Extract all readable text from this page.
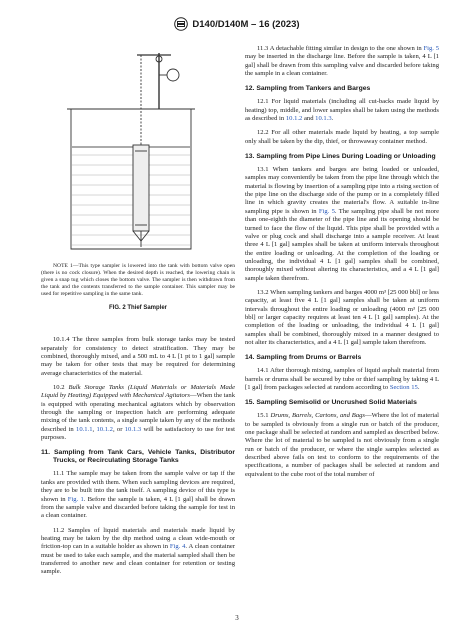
D140/D140M – 16 (2023)

NOTE 1—This type sampler is lowered into the tank with bottom valve open (there is no cock closure). When the desired depth is reached, the lowering chain is given a snap tug which closes the bottom valve. The sampler is then withdrawn from the tank and the contents transferred to the sample container. This sampler may be used for repetitive sampling in the same tank.

FIG. 2 Thief Sampler

10.1.4 The three samples from bulk storage tanks may be tested separately for consistency to detect stratification. They may be combined, thoroughly mixed, and a 500 mL to 4 L [1 pt to 1 gal] sample may be taken for other tests that may be required for determining average characteristics of the material.

10.2 Bulk Storage Tanks (Liquid Materials or Materials Made Liquid by Heating) Equipped with Mechanical Agitators—When the tank is equipped with operating mechanical agitators which by observation through the sampling or inspection hatch are performing adequate mixing of the tank contents, a single sample taken by any of the methods described in 10.1.1, 10.1.2, or 10.1.3 will be satisfactory to use for test purposes.

11. Sampling from Tank Cars, Vehicle Tanks, Distributor Trucks, or Recirculating Storage Tanks

11.1 The sample may be taken from the sample valve or tap if the tanks are provided with them. When such sampling devices are required, they are to be built into the tank itself. A sampling device of this type is shown in Fig. 1. Before the sample is taken, 4 L [1 gal] shall be drawn from the sample valve and discarded before taking the sample for test in a clean container.

11.2 Samples of liquid materials and materials made liquid by heating may be taken by the dip method using a clean wide-mouth or friction-top can in a suitable holder as shown in Fig. 4. A clean container must be used to take each sample, and the material sampled shall then be transferred to another new and clean container for retention or testing sample.

11.3 A detachable fitting similar in design to the one shown in Fig. 5 may be inserted in the discharge line. Before the sample is taken, 4 L [1 gal] shall be drawn from this sampling valve and discarded before taking the sample in a clean container.

12. Sampling from Tankers and Barges

12.1 For liquid materials (including all cut-backs made liquid by heating) top, middle, and lower samples shall be taken using the methods as described in 10.1.2 and 10.1.3.

12.2 For all other materials made liquid by heating, a top sample only shall be taken by the dip, thief, or throwaway container method.

13. Sampling from Pipe Lines During Loading or Unloading

13.1 When tankers and barges are being loaded or unloaded, samples may conveniently be taken from the pipe line through which the material is flowing by insertion of a sampling pipe into a rising section of the pipe line on the discharge side of the pump or in a completely filled line in which gravity creates the material's flow. A suitable in-line sampling pipe is shown in Fig. 5. The sampling pipe shall be not more than one-eighth the diameter of the pipe line and its opening should be turned to face the flow of the liquid. This pipe shall be provided with a valve or plug cock and shall discharge into a sample receiver. At least three 4 L [1 gal] samples shall be taken at uniform intervals throughout the entire loading or unloading. At the completion of the loading or unloading, the individual 4 L [1 gal] samples shall be combined, thoroughly mixed without altering its characteristics, and a 4 L [1 gal] sample taken therefrom.

13.2 When sampling tankers and barges 4000 m³ [25 000 bbl] or less capacity, at least five 4 L [1 gal] samples shall be taken at uniform intervals throughout the entire loading or unloading (4000 m³ [25 000 bbl] or larger capacity requires at least ten 4 L [1 gal] samples). At the completion of the loading or unloading, the individual 4 L [1 gal] samples shall be combined, thoroughly mixed in a manner designed to not alter its characteristics, and a 4 L [1 gal] sample taken therefrom.

14. Sampling from Drums or Barrels

14.1 After thorough mixing, samples of liquid asphalt material from barrels or drums shall be secured by tube or thief sampling by taking 4 L [1 gal] from packages selected at random according to Section 15.

15. Sampling Semisolid or Uncrushed Solid Materials

15.1 Drums, Barrels, Cartons, and Bags—Where the lot of material to be sampled is obviously from a single run or batch of the producer, one package shall be selected at random and sampled as described below. Where the lot of material to be sampled is not obviously from a single run or batch of the producer, or where the single samples selected as described above fails on test to conform to the requirements of the specifications, a number of packages shall be selected at random and equivalent to the cube root of the total number of

3
